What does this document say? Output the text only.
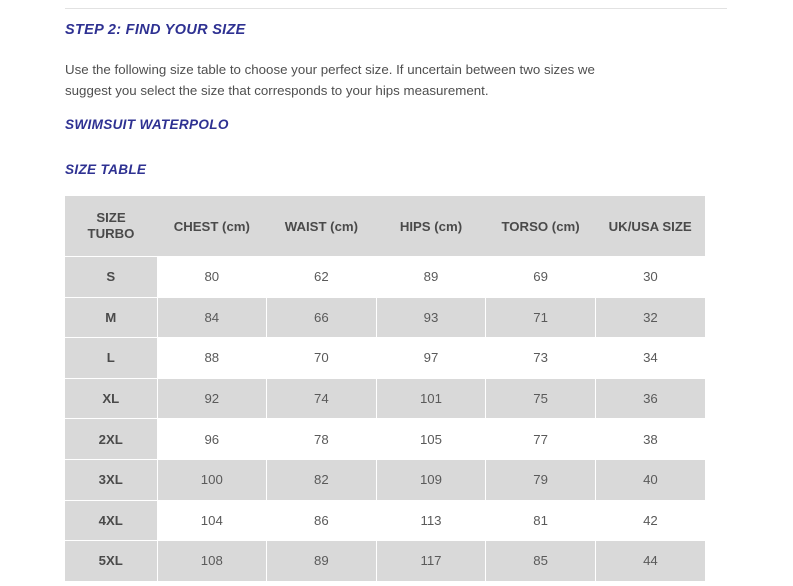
STEP 2: FIND YOUR SIZE
Use the following size table to choose your perfect size. If uncertain between two sizes we suggest you select the size that corresponds to your hips measurement.
SWIMSUIT WATERPOLO
SIZE TABLE
SIZE
TURBO	CHEST (cm)	WAIST (cm)	HIPS (cm)	TORSO (cm)	UK/USA SIZE
S	80	62	89	69	30
M	84	66	93	71	32
L	88	70	97	73	34
XL	92	74	101	75	36
2XL	96	78	105	77	38
3XL	100	82	109	79	40
4XL	104	86	113	81	42
5XL	108	89	117	85	44
